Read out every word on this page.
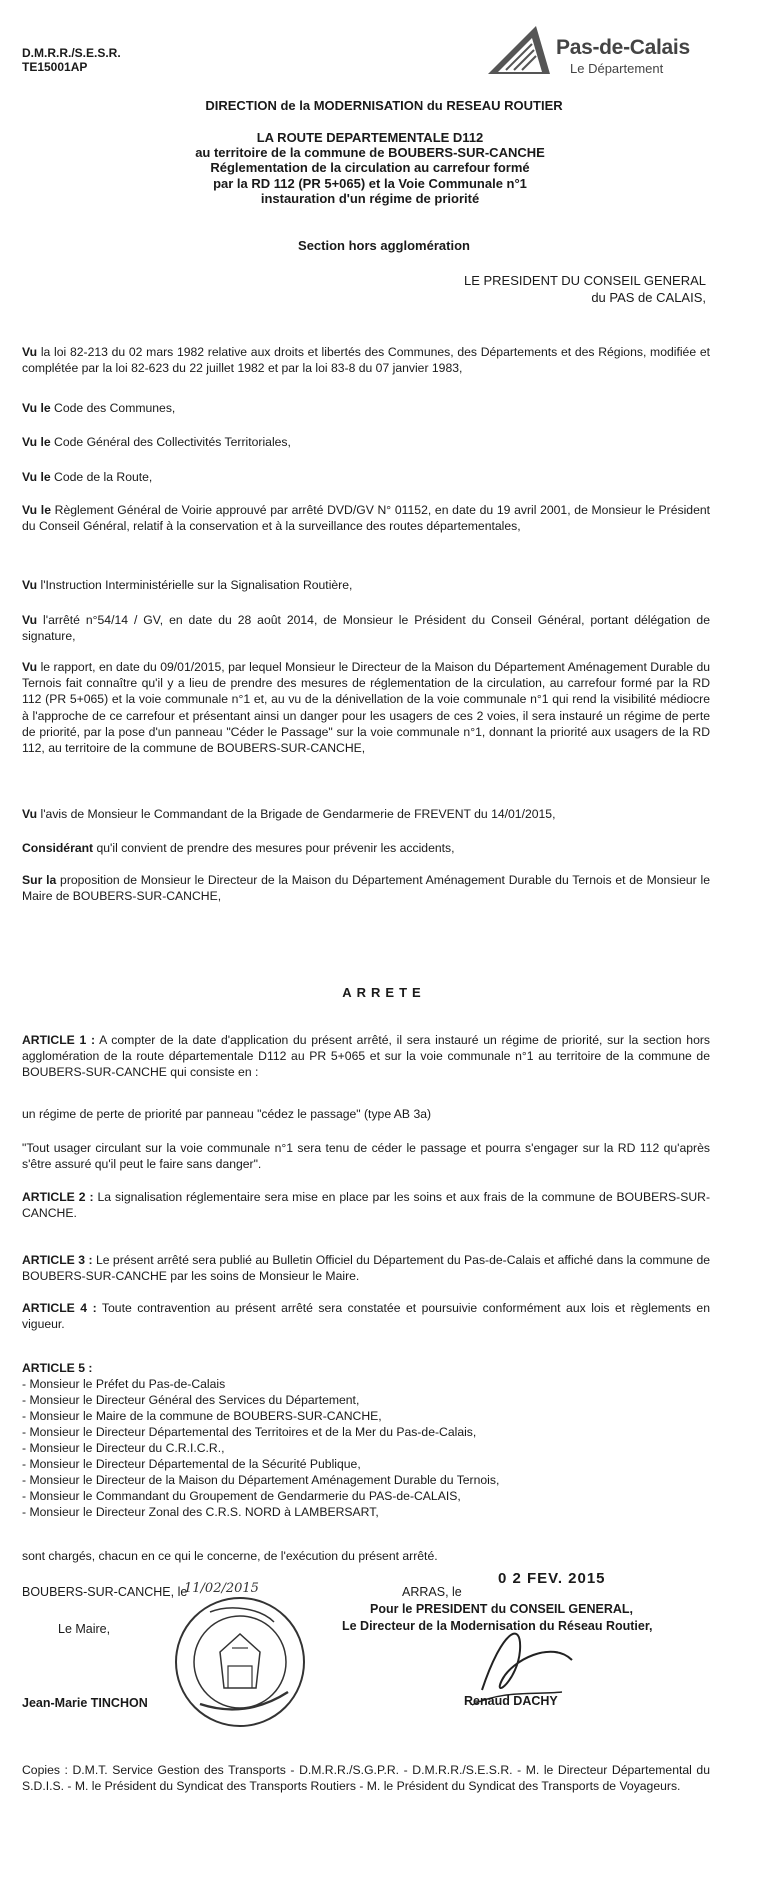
D.M.R.R./S.E.S.R.
TE15001AP
Pas-de-Calais
Le Département
DIRECTION de la MODERNISATION du RESEAU ROUTIER
LA ROUTE DEPARTEMENTALE D112
au territoire de la commune de BOUBERS-SUR-CANCHE
Réglementation de la circulation au carrefour formé
par la RD 112 (PR 5+065) et la Voie Communale n°1
instauration d'un régime de priorité
Section hors agglomération
LE PRESIDENT DU CONSEIL GENERAL
du PAS de CALAIS,
Vu la loi 82-213 du 02 mars 1982 relative aux droits et libertés des Communes, des Départements et des Régions, modifiée et complétée par la loi 82-623 du 22 juillet 1982 et par la loi 83-8 du 07 janvier 1983,
Vu le Code des Communes,
Vu le Code Général des Collectivités Territoriales,
Vu le Code de la Route,
Vu le Règlement Général de Voirie approuvé par arrêté DVD/GV N° 01152, en date du 19 avril 2001, de Monsieur le Président du Conseil Général, relatif à la conservation et à la surveillance des routes départementales,
Vu l'Instruction Interministérielle sur la Signalisation Routière,
Vu l'arrêté n°54/14 / GV, en date du 28 août 2014, de Monsieur le Président du Conseil Général, portant délégation de signature,
Vu le rapport, en date du 09/01/2015, par lequel Monsieur le Directeur de la Maison du Département Aménagement Durable du Ternois fait connaître qu'il y a lieu de prendre des mesures de réglementation de la circulation, au carrefour formé par la RD 112 (PR 5+065) et la voie communale n°1 et, au vu de la dénivellation de la voie communale n°1 qui rend la visibilité médiocre à l'approche de ce carrefour et présentant ainsi un danger pour les usagers de ces 2 voies, il sera instauré un régime de perte de priorité, par la pose d'un panneau "Céder le Passage" sur la voie communale n°1, donnant la priorité aux usagers de la RD 112, au territoire de la commune de BOUBERS-SUR-CANCHE,
Vu l'avis de Monsieur le Commandant de la Brigade de Gendarmerie de FREVENT du 14/01/2015,
Considérant qu'il convient de prendre des mesures pour prévenir les accidents,
Sur la proposition de Monsieur le Directeur de la Maison du Département Aménagement Durable du Ternois et de Monsieur le Maire de BOUBERS-SUR-CANCHE,
ARRETE
ARTICLE 1 : A compter de la date d'application du présent arrêté, il sera instauré un régime de priorité, sur la section hors agglomération de la route départementale D112 au PR 5+065 et sur la voie communale n°1 au territoire de la commune de BOUBERS-SUR-CANCHE qui consiste en :
un régime de perte de priorité par panneau "cédez le passage" (type AB 3a)
"Tout usager circulant sur la voie communale n°1 sera tenu de céder le passage et pourra s'engager sur la RD 112 qu'après s'être assuré qu'il peut le faire sans danger".
ARTICLE 2 : La signalisation réglementaire sera mise en place par les soins et aux frais de la commune de BOUBERS-SUR-CANCHE.
ARTICLE 3 : Le présent arrêté sera publié au Bulletin Officiel du Département du Pas-de-Calais et affiché dans la commune de BOUBERS-SUR-CANCHE par les soins de Monsieur le Maire.
ARTICLE 4 : Toute contravention au présent arrêté sera constatée et poursuivie conformément aux lois et règlements en vigueur.
ARTICLE 5 :
- Monsieur le Préfet du Pas-de-Calais
- Monsieur le Directeur Général des Services du Département,
- Monsieur le Maire de la commune de BOUBERS-SUR-CANCHE,
- Monsieur le Directeur Départemental des Territoires et de la Mer du Pas-de-Calais,
- Monsieur le Directeur du C.R.I.C.R.,
- Monsieur le Directeur Départemental de la Sécurité Publique,
- Monsieur le Directeur de la Maison du Département Aménagement Durable du Ternois,
- Monsieur le Commandant du Groupement de Gendarmerie du PAS-de-CALAIS,
- Monsieur le Directeur Zonal des C.R.S. NORD à LAMBERSART,
sont chargés, chacun en ce qui le concerne, de l'exécution du présent arrêté.
BOUBERS-SUR-CANCHE, le
11/02/2015
Le Maire,
Jean-Marie TINCHON
ARRAS, le
0 2 FEV. 2015
Pour le PRESIDENT du CONSEIL GENERAL,
Le Directeur de la Modernisation du Réseau Routier,
Renaud DACHY
Copies : D.M.T. Service Gestion des Transports - D.M.R.R./S.G.P.R. - D.M.R.R./S.E.S.R. - M. le Directeur Départemental du S.D.I.S. - M. le Président du Syndicat des Transports Routiers - M. le Président du Syndicat des Transports de Voyageurs.
